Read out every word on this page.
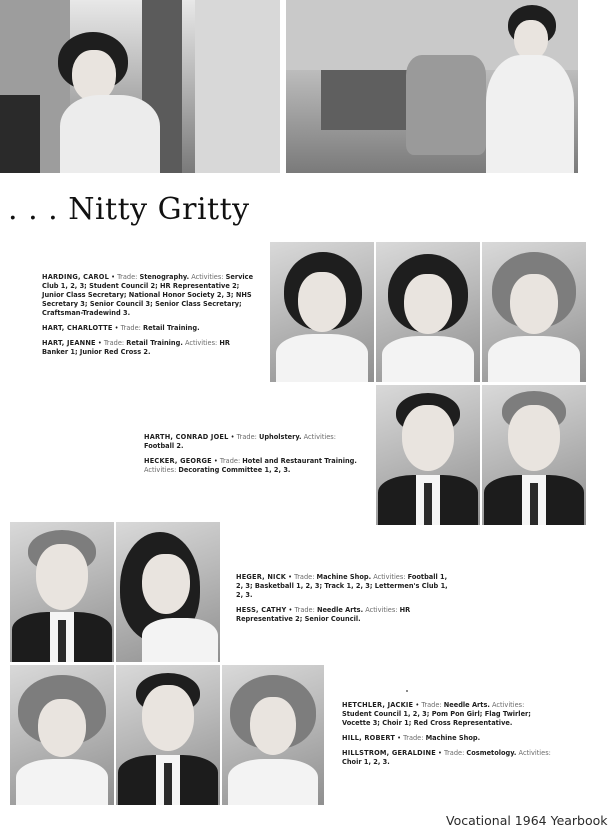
. . . Nitty Gritty

HARDING, CAROL • Trade: Stenography. Activities: Service Club 1, 2, 3; Student Council 2; HR Representative 2; Junior Class Secretary; National Honor Society 2, 3; NHS Secretary 3; Senior Council 3; Senior Class Secretary; Craftsman-Tradewind 3.

HART, CHARLOTTE • Trade: Retail Training.

HART, JEANNE • Trade: Retail Training. Activities: HR Banker 1; Junior Red Cross 2.

HARTH, CONRAD JOEL • Trade: Upholstery. Activities: Football 2.

HECKER, GEORGE • Trade: Hotel and Restaurant Training. Activities: Decorating Committee 1, 2, 3.

HEGER, NICK • Trade: Machine Shop. Activities: Football 1, 2, 3; Basketball 1, 2, 3; Track 1, 2, 3; Lettermen's Club 1, 2, 3.

HESS, CATHY • Trade: Needle Arts. Activities: HR Representative 2; Senior Council.

HETCHLER, JACKIE • Trade: Needle Arts. Activities: Student Council 1, 2, 3; Pom Pon Girl; Flag Twirler; Vocette 3; Choir 1; Red Cross Representative.

HILL, ROBERT • Trade: Machine Shop.

HILLSTROM, GERALDINE • Trade: Cosmetology. Activities: Choir 1, 2, 3.

Vocational 1964 Yearbook
